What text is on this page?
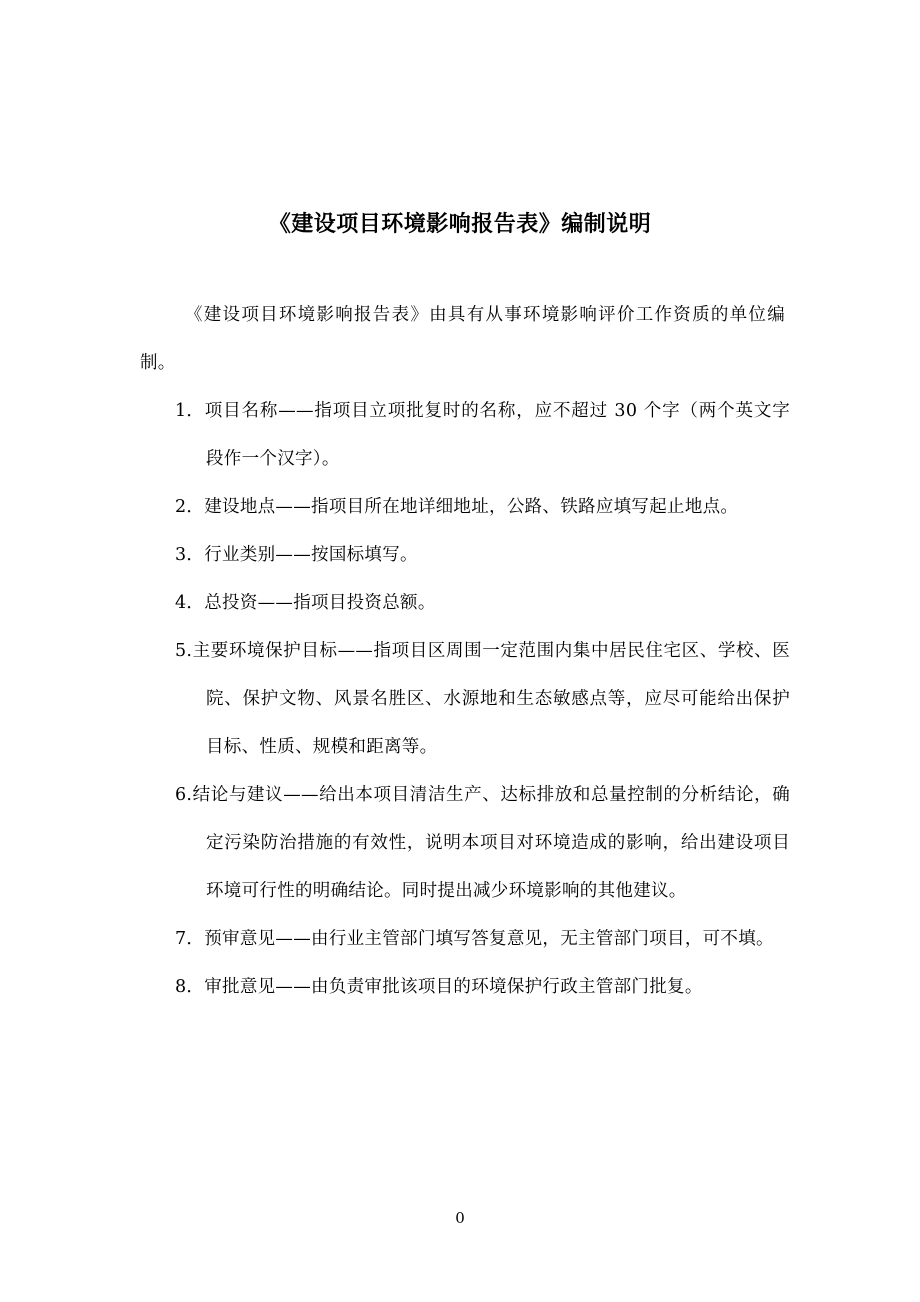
《建设项目环境影响报告表》编制说明

《建设项目环境影响报告表》由具有从事环境影响评价工作资质的单位编制。

1．项目名称——指项目立项批复时的名称，应不超过 30 个字（两个英文字段作一个汉字）。
2．建设地点——指项目所在地详细地址，公路、铁路应填写起止地点。
3．行业类别——按国标填写。
4．总投资——指项目投资总额。
5.主要环境保护目标——指项目区周围一定范围内集中居民住宅区、学校、医院、保护文物、风景名胜区、水源地和生态敏感点等，应尽可能给出保护目标、性质、规模和距离等。
6.结论与建议——给出本项目清洁生产、达标排放和总量控制的分析结论，确定污染防治措施的有效性，说明本项目对环境造成的影响，给出建设项目环境可行性的明确结论。同时提出减少环境影响的其他建议。
7．预审意见——由行业主管部门填写答复意见，无主管部门项目，可不填。
8．审批意见——由负责审批该项目的环境保护行政主管部门批复。
0
